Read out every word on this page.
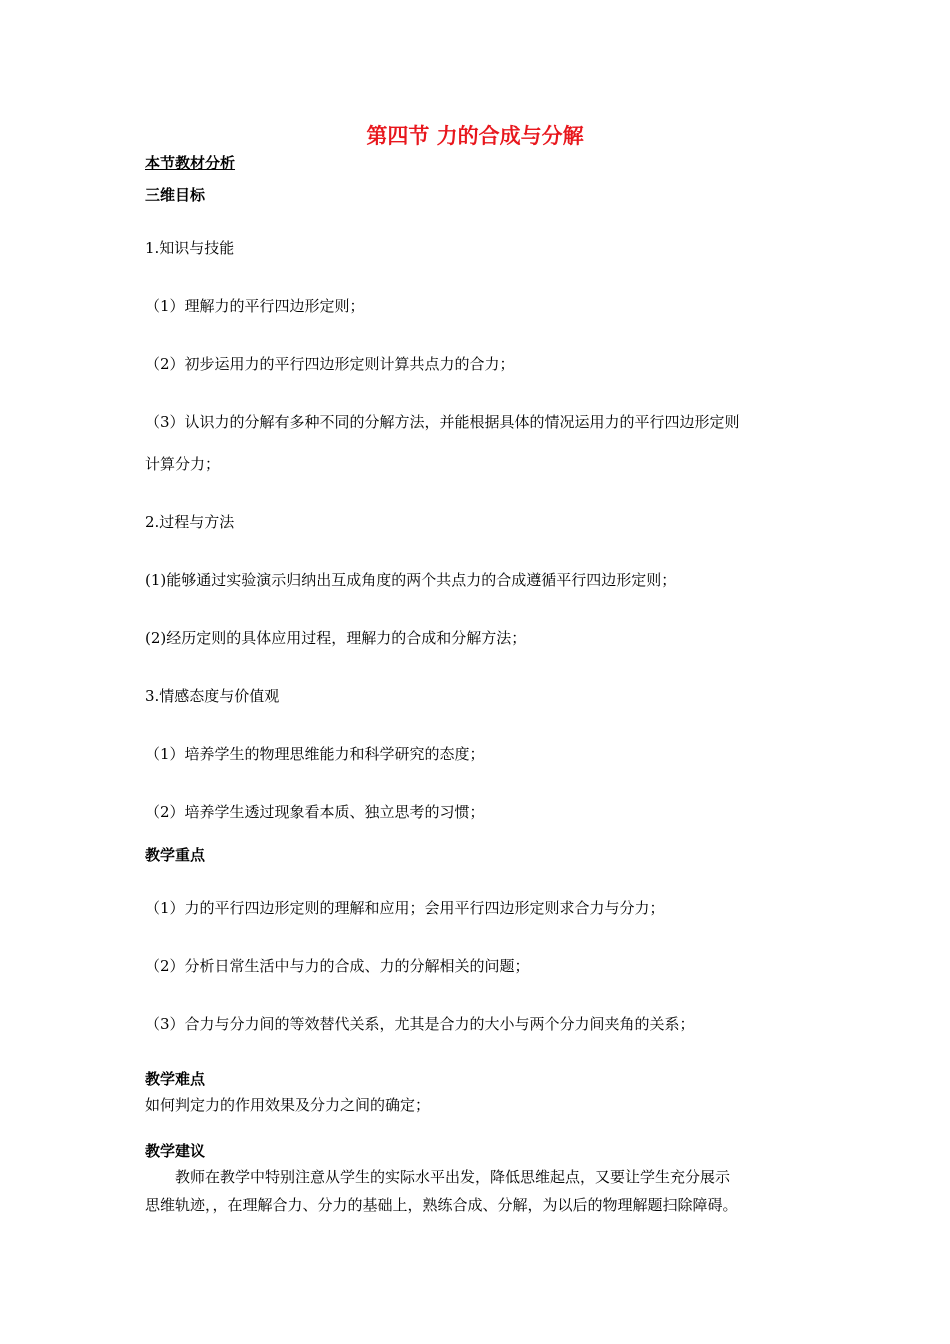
第四节 力的合成与分解
本节教材分析
三维目标
1.知识与技能
（1）理解力的平行四边形定则；
（2）初步运用力的平行四边形定则计算共点力的合力；
（3）认识力的分解有多种不同的分解方法，并能根据具体的情况运用力的平行四边形定则
计算分力；
2.过程与方法
(1)能够通过实验演示归纳出互成角度的两个共点力的合成遵循平行四边形定则；
(2)经历定则的具体应用过程，理解力的合成和分解方法；
3.情感态度与价值观
（1）培养学生的物理思维能力和科学研究的态度；
（2）培养学生透过现象看本质、独立思考的习惯；
教学重点
（1）力的平行四边形定则的理解和应用；会用平行四边形定则求合力与分力；
（2）分析日常生活中与力的合成、力的分解相关的问题；
（3）合力与分力间的等效替代关系，尤其是合力的大小与两个分力间夹角的关系；
教学难点
如何判定力的作用效果及分力之间的确定；
教学建议
教师在教学中特别注意从学生的实际水平出发，降低思维起点，又要让学生充分展示
思维轨迹，，在理解合力、分力的基础上，熟练合成、分解，为以后的物理解题扫除障碍。
